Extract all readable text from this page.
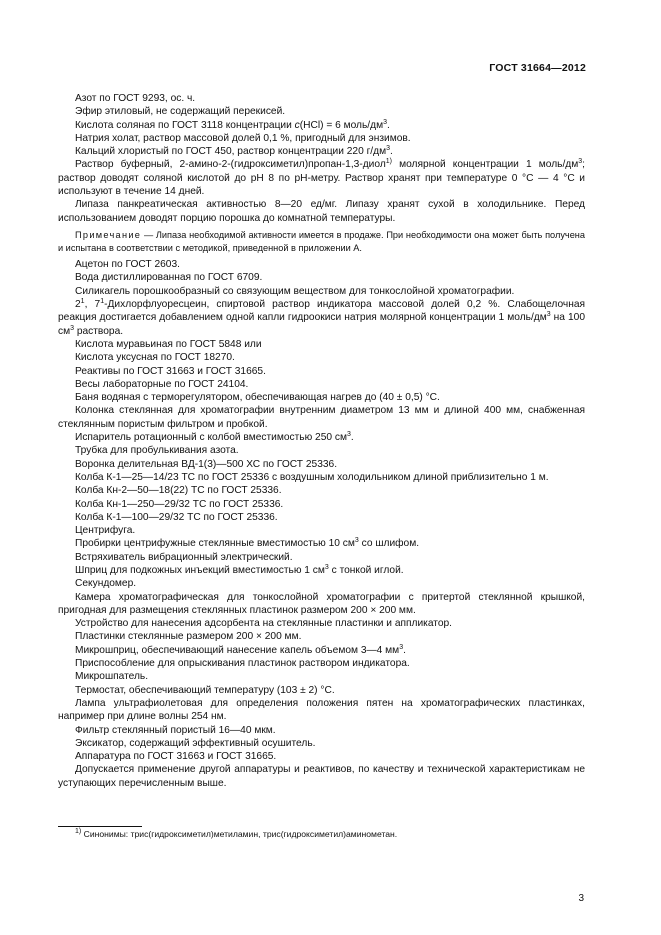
ГОСТ 31664—2012

Азот по ГОСТ 9293, ос. ч.

Эфир этиловый, не содержащий перекисей.

Кислота соляная по ГОСТ 3118 концентрации c(HCl) = 6 моль/$дм^3$.

Натрия холат, раствор массовой долей 0,1 %, пригодный для энзимов.

Кальций хлористый по ГОСТ 450, раствор концентрации 220 $г/дм^3$.

Раствор буферный, 2-амино-2-(гидроксиметил)пропан-1,3-диол$^{1)}$ молярной концентрации 1 моль/$дм^3$; раствор доводят соляной кислотой до pH 8 по pH-метру. Раствор хранят при температуре 0 °C — 4 °C и используют в течение 14 дней.

Липаза панкреатическая активностью 8—20 ед/мг. Липазу хранят сухой в холодильнике. Перед использованием доводят порцию порошка до комнатной температуры.

Примечание — Липаза необходимой активности имеется в продаже. При необходимости она может быть получена и испытана в соответствии с методикой, приведенной в приложении А.

Ацетон по ГОСТ 2603.

Вода дистиллированная по ГОСТ 6709.

Силикагель порошкообразный со связующим веществом для тонкослойной хроматографии.

$2^1$, $7^1$-Дихлорфлуоресцеин, спиртовой раствор индикатора массовой долей 0,2 %. Слабощелочная реакция достигается добавлением одной капли гидроокиси натрия молярной концентрации 1 моль/$дм^3$ на 100 $см^3$ раствора.

Кислота муравьиная по ГОСТ 5848 или

Кислота уксусная по ГОСТ 18270.

Реактивы по ГОСТ 31663 и ГОСТ 31665.

Весы лабораторные по ГОСТ 24104.

Баня водяная с терморегулятором, обеспечивающая нагрев до (40 ± 0,5) °C.

Колонка стеклянная для хроматографии внутренним диаметром 13 мм и длиной 400 мм, снабженная стеклянным пористым фильтром и пробкой.

Испаритель ротационный с колбой вместимостью 250 $см^3$.

Трубка для пробулькивания азота.

Воронка делительная ВД-1(3)—500 ХС по ГОСТ 25336.

Колба К-1—25—14/23 ТС по ГОСТ 25336 с воздушным холодильником длиной приблизительно 1 м.

Колба Кн-2—50—18(22) ТС по ГОСТ 25336.

Колба Кн-1—250—29/32 ТС по ГОСТ 25336.

Колба К-1—100—29/32 ТС по ГОСТ 25336.

Центрифуга.

Пробирки центрифужные стеклянные вместимостью 10 $см^3$ со шлифом.

Встряхиватель вибрационный электрический.

Шприц для подкожных инъекций вместимостью 1 $см^3$ с тонкой иглой.

Секундомер.

Камера хроматографическая для тонкослойной хроматографии с притертой стеклянной крышкой, пригодная для размещения стеклянных пластинок размером 200 × 200 мм.

Устройство для нанесения адсорбента на стеклянные пластинки и аппликатор.

Пластинки стеклянные размером 200 × 200 мм.

Микрошприц, обеспечивающий нанесение капель объемом 3—4 $мм^3$.

Приспособление для опрыскивания пластинок раствором индикатора.

Микрошпатель.

Термостат, обеспечивающий температуру (103 ± 2) °C.

Лампа ультрафиолетовая для определения положения пятен на хроматографических пластинках, например при длине волны 254 нм.

Фильтр стеклянный пористый 16—40 мкм.

Эксикатор, содержащий эффективный осушитель.

Аппаратура по ГОСТ 31663 и ГОСТ 31665.

Допускается применение другой аппаратуры и реактивов, по качеству и технической характеристикам не уступающих перечисленным выше.

$^{1)}$ Синонимы: трис(гидроксиметил)метиламин, трис(гидроксиметил)аминометан.
3
